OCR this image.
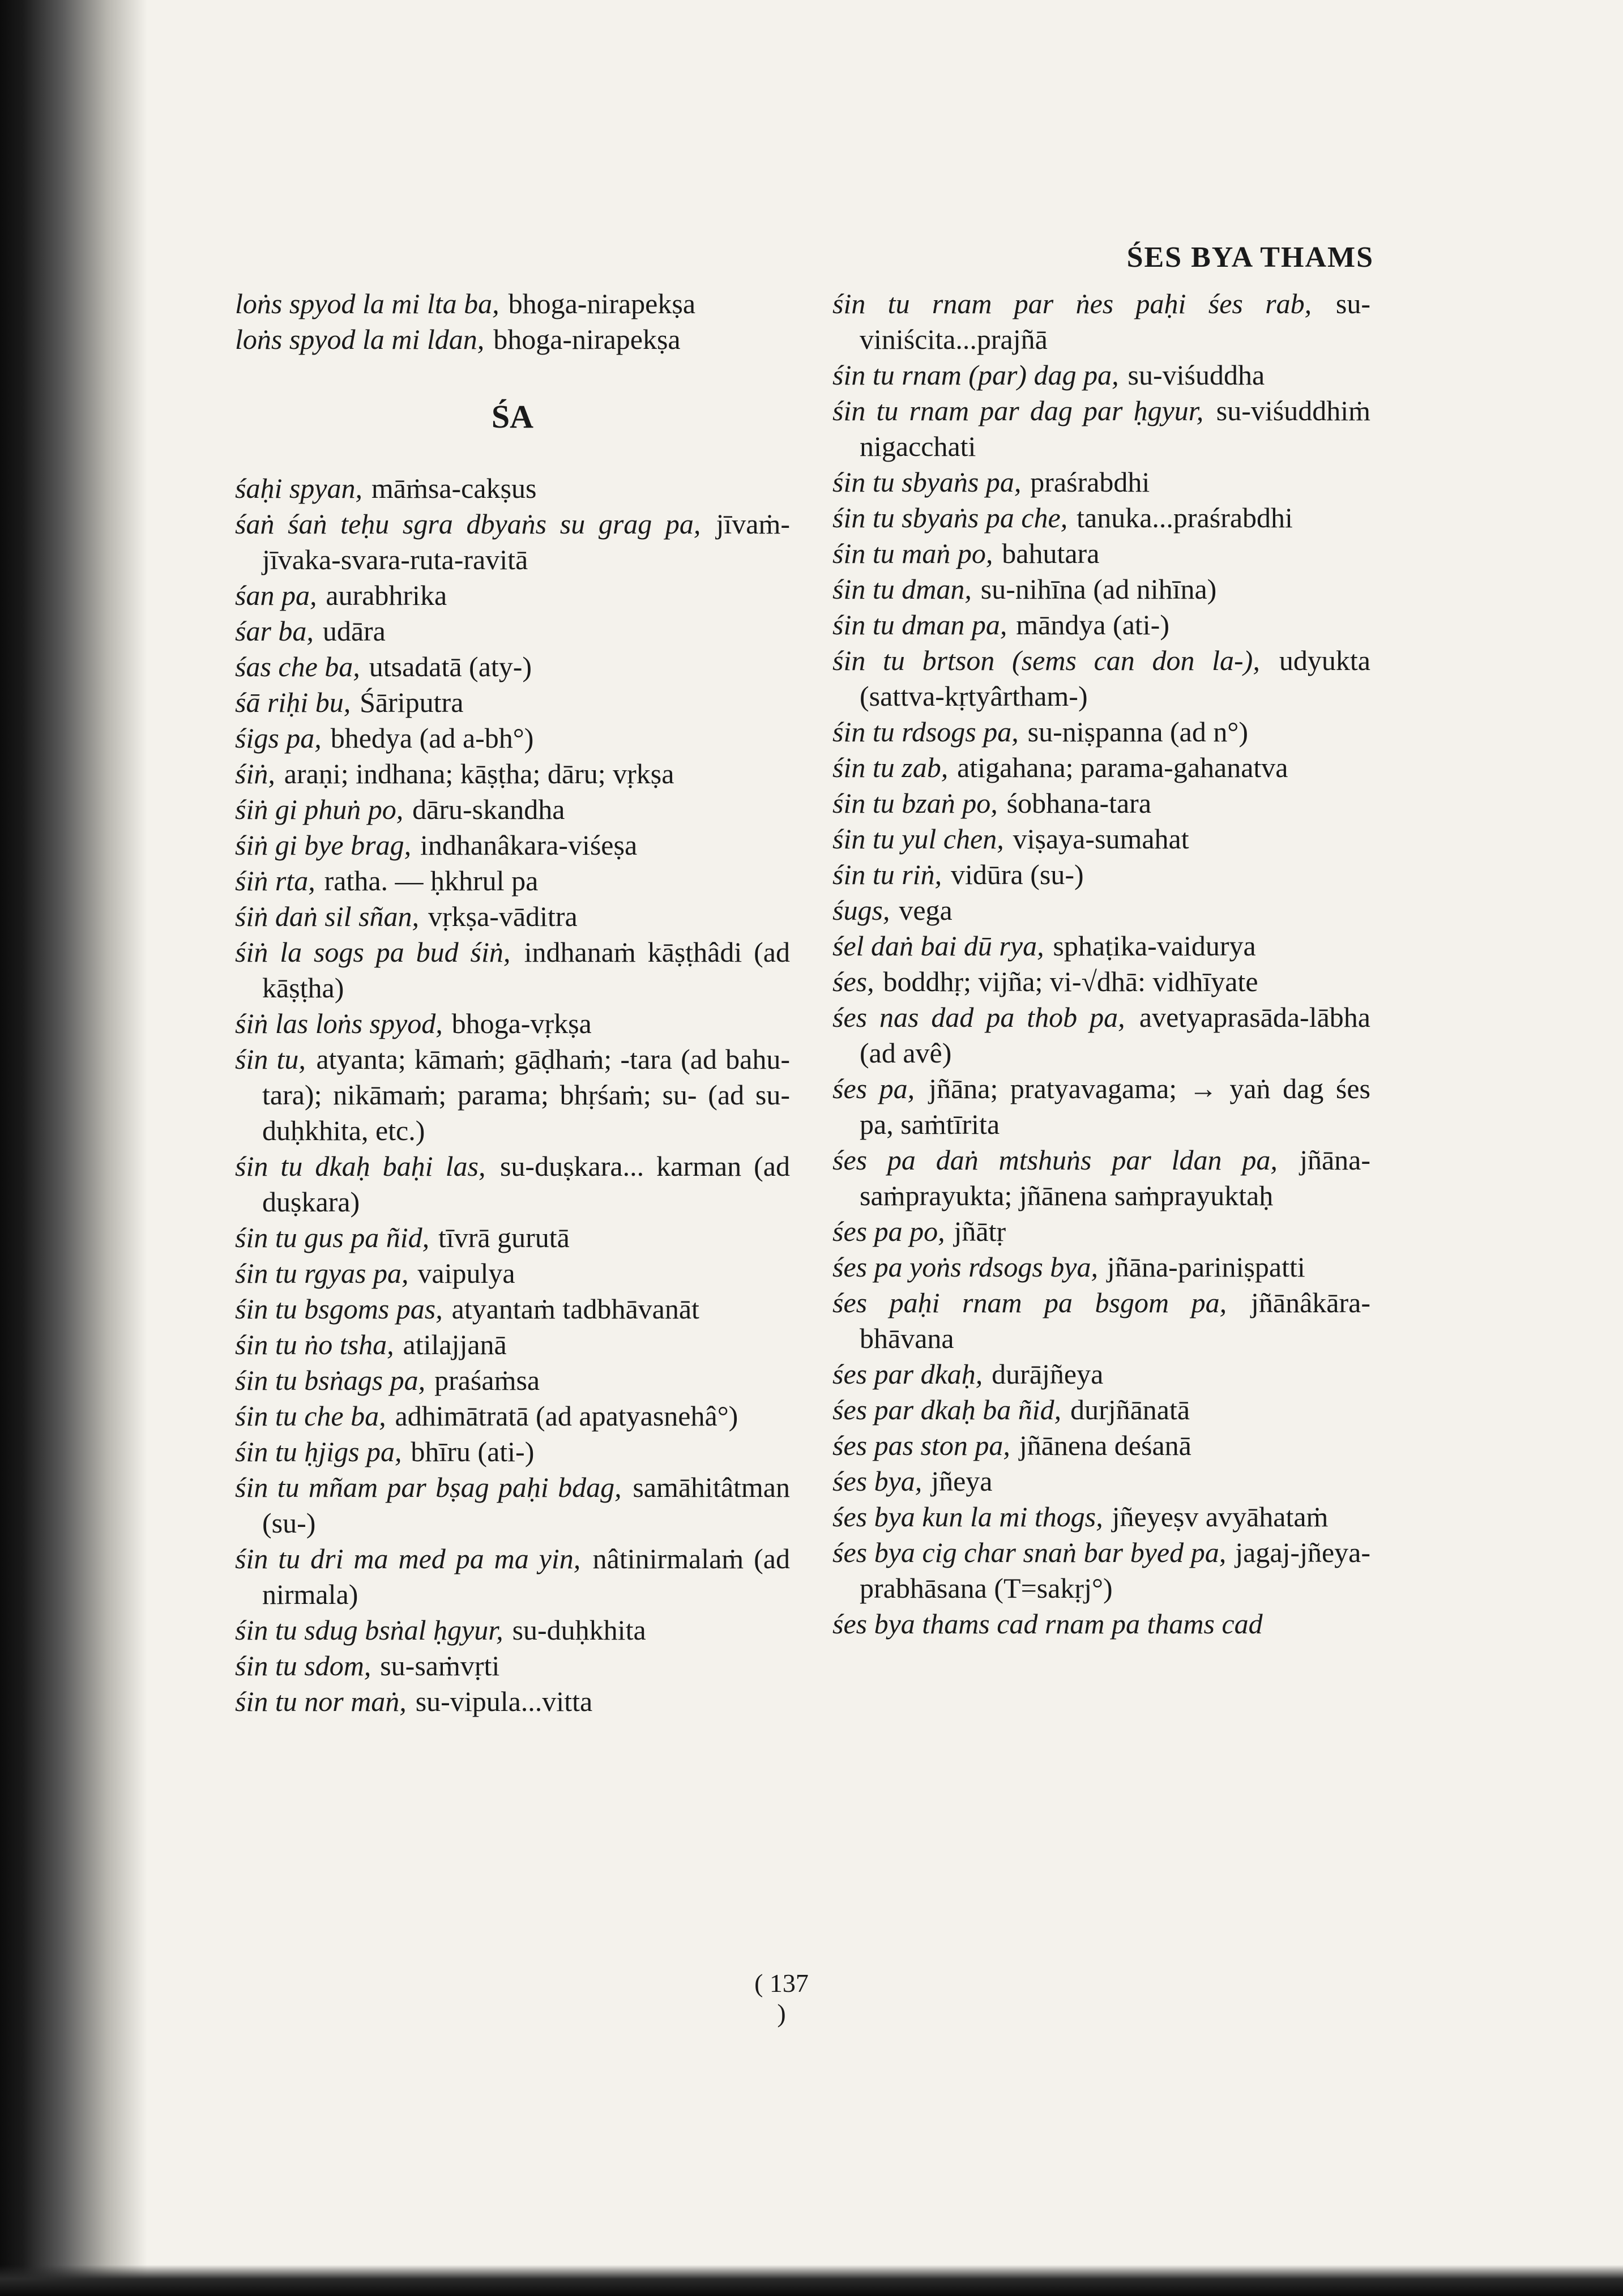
ŚES BYA THAMS

loṅs spyod la mi lta ba, bhoga-nirapekṣa

loṅs spyod la mi ldan, bhoga-nirapekṣa

ŚA

śaḥi spyan, māṁsa-cakṣus

śaṅ śaṅ teḥu sgra dbyaṅs su grag pa, jīvaṁ-jīvaka-svara-ruta-ravitā

śan pa, aurabhrika

śar ba, udāra

śas che ba, utsadatā (aty-)

śā riḥi bu, Śāriputra

śigs pa, bhedya (ad a-bh°)

śiṅ, araṇi; indhana; kāṣṭha; dāru; vṛkṣa

śiṅ gi phuṅ po, dāru-skandha

śiṅ gi bye brag, indhanâkara-viśeṣa

śiṅ rta, ratha. — ḥkhrul pa

śiṅ daṅ sil sñan, vṛkṣa-vāditra

śiṅ la sogs pa bud śiṅ, indhanaṁ kāṣṭhâdi (ad kāṣṭha)

śiṅ las loṅs spyod, bhoga-vṛkṣa

śin tu, atyanta; kāmaṁ; gāḍhaṁ; -tara (ad bahu-tara); nikāmaṁ; parama; bhṛśaṁ; su- (ad su-duḥkhita, etc.)

śin tu dkaḥ baḥi las, su-duṣkara... karman (ad duṣkara)

śin tu gus pa ñid, tīvrā gurutā

śin tu rgyas pa, vaipulya

śin tu bsgoms pas, atyantaṁ tadbhāvanāt

śin tu ṅo tsha, atilajjanā

śin tu bsṅags pa, praśaṁsa

śin tu che ba, adhimātratā (ad apatyasnehâ°)

śin tu ḥjigs pa, bhīru (ati-)

śin tu mñam par bṣag paḥi bdag, samāhitâtman (su-)

śin tu dri ma med pa ma yin, nâtinirmalaṁ (ad nirmala)

śin tu sdug bsṅal ḥgyur, su-duḥkhita

śin tu sdom, su-saṁvṛti

śin tu nor maṅ, su-vipula...vitta

śin tu rnam par ṅes paḥi śes rab, su-viniścita...prajñā

śin tu rnam (par) dag pa, su-viśuddha

śin tu rnam par dag par ḥgyur, su-viśuddhiṁ nigacchati

śin tu sbyaṅs pa, praśrabdhi

śin tu sbyaṅs pa che, tanuka...praśrabdhi

śin tu maṅ po, bahutara

śin tu dman, su-nihīna (ad nihīna)

śin tu dman pa, māndya (ati-)

śin tu brtson (sems can don la-), udyukta (sattva-kṛtyârtham-)

śin tu rdsogs pa, su-niṣpanna (ad n°)

śin tu zab, atigahana; parama-gahanatva

śin tu bzaṅ po, śobhana-tara

śin tu yul chen, viṣaya-sumahat

śin tu riṅ, vidūra (su-)

śugs, vega

śel daṅ bai dū rya, sphaṭika-vaidurya

śes, boddhṛ; vijña; vi-√dhā: vidhīyate

śes nas dad pa thob pa, avetyaprasāda-lābha (ad avê)

śes pa, jñāna; pratyavagama; → yaṅ dag śes pa, saṁtīrita

śes pa daṅ mtshuṅs par ldan pa, jñāna-saṁprayukta; jñānena saṁprayuktaḥ

śes pa po, jñātṛ

śes pa yoṅs rdsogs bya, jñāna-pariniṣpatti

śes paḥi rnam pa bsgom pa, jñānâkāra-bhāvana

śes par dkaḥ, durājñeya

śes par dkaḥ ba ñid, durjñānatā

śes pas ston pa, jñānena deśanā

śes bya, jñeya

śes bya kun la mi thogs, jñeyeṣv avyāhataṁ

śes bya cig char snaṅ bar byed pa, jagaj-jñeya-prabhāsana (T=sakṛj°)

śes bya thams cad rnam pa thams cad

( 137 )
